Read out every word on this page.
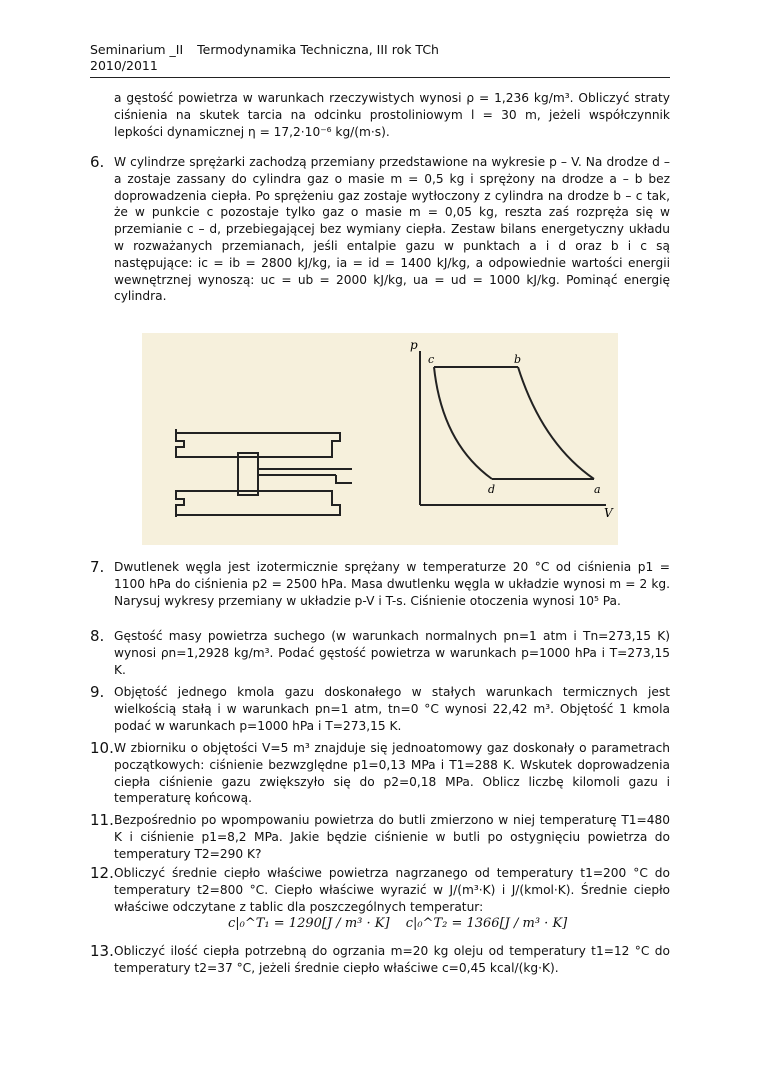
Seminarium _II Termodynamika Techniczna, III rok TCh
2010/2011
a gęstość powietrza w warunkach rzeczywistych wynosi ρ = 1,236 kg/m³. Obliczyć straty ciśnienia na skutek tarcia na odcinku prostoliniowym l = 30 m, jeżeli współczynnik lepkości dynamicznej η = 17,2·10⁻⁶ kg/(m·s).
6. W cylindrze sprężarki zachodzą przemiany przedstawione na wykresie p – V. Na drodze d – a zostaje zassany do cylindra gaz o masie m = 0,5 kg i sprężony na drodze a – b bez doprowadzenia ciepła. Po sprężeniu gaz zostaje wytłoczony z cylindra na drodze b – c tak, że w punkcie c pozostaje tylko gaz o masie m = 0,05 kg, reszta zaś rozpręża się w przemianie c – d, przebiegającej bez wymiany ciepła. Zestaw bilans energetyczny układu w rozważanych przemianach, jeśli entalpie gazu w punktach a i d oraz b i c są następujące: ic = ib = 2800 kJ/kg, ia = id = 1400 kJ/kg, a odpowiednie wartości energii wewnętrznej wynoszą: uc = ub = 2000 kJ/kg, ua = ud = 1000 kJ/kg. Pominąć energię cylindra.
p
V
c	b
d	a
7. Dwutlenek węgla jest izotermicznie sprężany w temperaturze 20 °C od ciśnienia p1 = 1100 hPa do ciśnienia p2 = 2500 hPa. Masa dwutlenku węgla w układzie wynosi m = 2 kg. Narysuj wykresy przemiany w układzie p-V i T-s. Ciśnienie otoczenia wynosi 10⁵ Pa.
8. Gęstość masy powietrza suchego (w warunkach normalnych pn=1 atm i Tn=273,15 K) wynosi ρn=1,2928 kg/m³. Podać gęstość powietrza w warunkach p=1000 hPa i T=273,15 K.
9. Objętość jednego kmola gazu doskonałego w stałych warunkach termicznych jest wielkością stałą i w warunkach pn=1 atm, tn=0 °C wynosi 22,42 m³. Objętość 1 kmola podać w warunkach p=1000 hPa i T=273,15 K.
10. W zbiorniku o objętości V=5 m³ znajduje się jednoatomowy gaz doskonały o parametrach początkowych: ciśnienie bezwzględne p1=0,13 MPa i T1=288 K. Wskutek doprowadzenia ciepła ciśnienie gazu zwiększyło się do p2=0,18 MPa. Oblicz liczbę kilomoli gazu i temperaturę końcową.
11. Bezpośrednio po wpompowaniu powietrza do butli zmierzono w niej temperaturę T1=480 K i ciśnienie p1=8,2 MPa. Jakie będzie ciśnienie w butli po ostygnięciu powietrza do temperatury T2=290 K?
12. Obliczyć średnie ciepło właściwe powietrza nagrzanego od temperatury t1=200 °C do temperatury t2=800 °C. Ciepło właściwe wyrazić w J/(m³·K) i J/(kmol·K). Średnie ciepło właściwe odczytane z tablic dla poszczególnych temperatur:
c|₀^T₁ = 1290[J / m³ · K] c|₀^T₂ = 1366[J / m³ · K]
13. Obliczyć ilość ciepła potrzebną do ogrzania m=20 kg oleju od temperatury t1=12 °C do temperatury t2=37 °C, jeżeli średnie ciepło właściwe c=0,45 kcal/(kg·K).
